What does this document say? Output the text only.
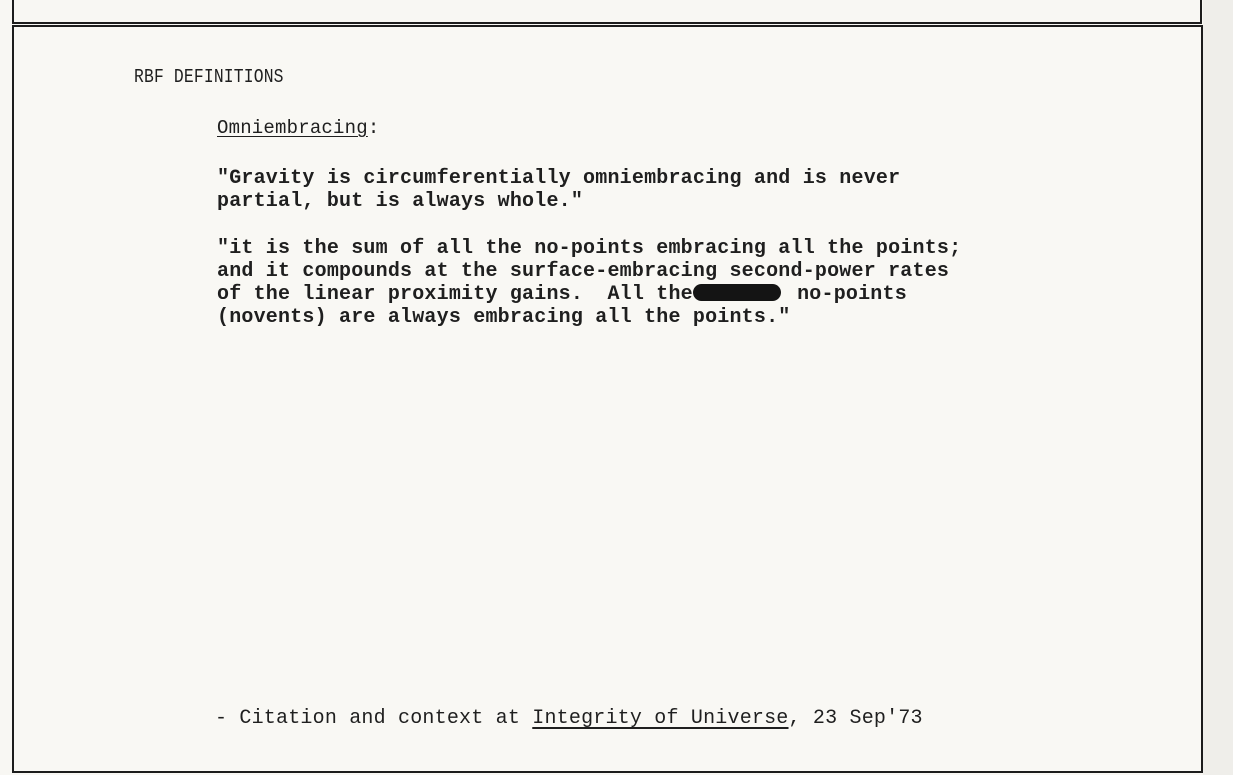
RBF DEFINITIONS
Omniembracing:
"Gravity is circumferentially omniembracing and is never
partial, but is always whole."
"it is the sum of all the no-points embracing all the points;
and it compounds at the surface-embracing second-power rates
of the linear proximity gains.  All the	no-points
(novents) are always embracing all the points."
- Citation and context at Integrity of Universe, 23 Sep'73
